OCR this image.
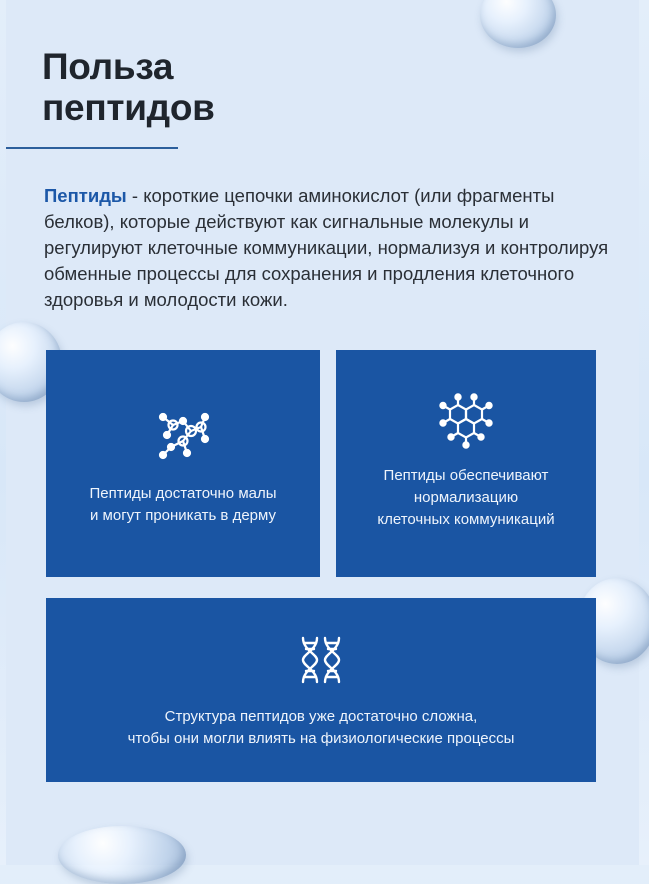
Польза
пептидов

Пептиды - короткие цепочки аминокислот (или фрагменты белков), которые действуют как сигнальные молекулы и регулируют клеточные коммуникации, нормализуя и контролируя обменные процессы для сохранения и продления клеточного здоровья и молодости кожи.

Пептиды достаточно малы
и могут проникать в дерму
Пептиды обеспечивают
нормализацию
клеточных коммуникаций
Структура пептидов уже достаточно сложна,
чтобы они могли влиять на физиологические процессы
